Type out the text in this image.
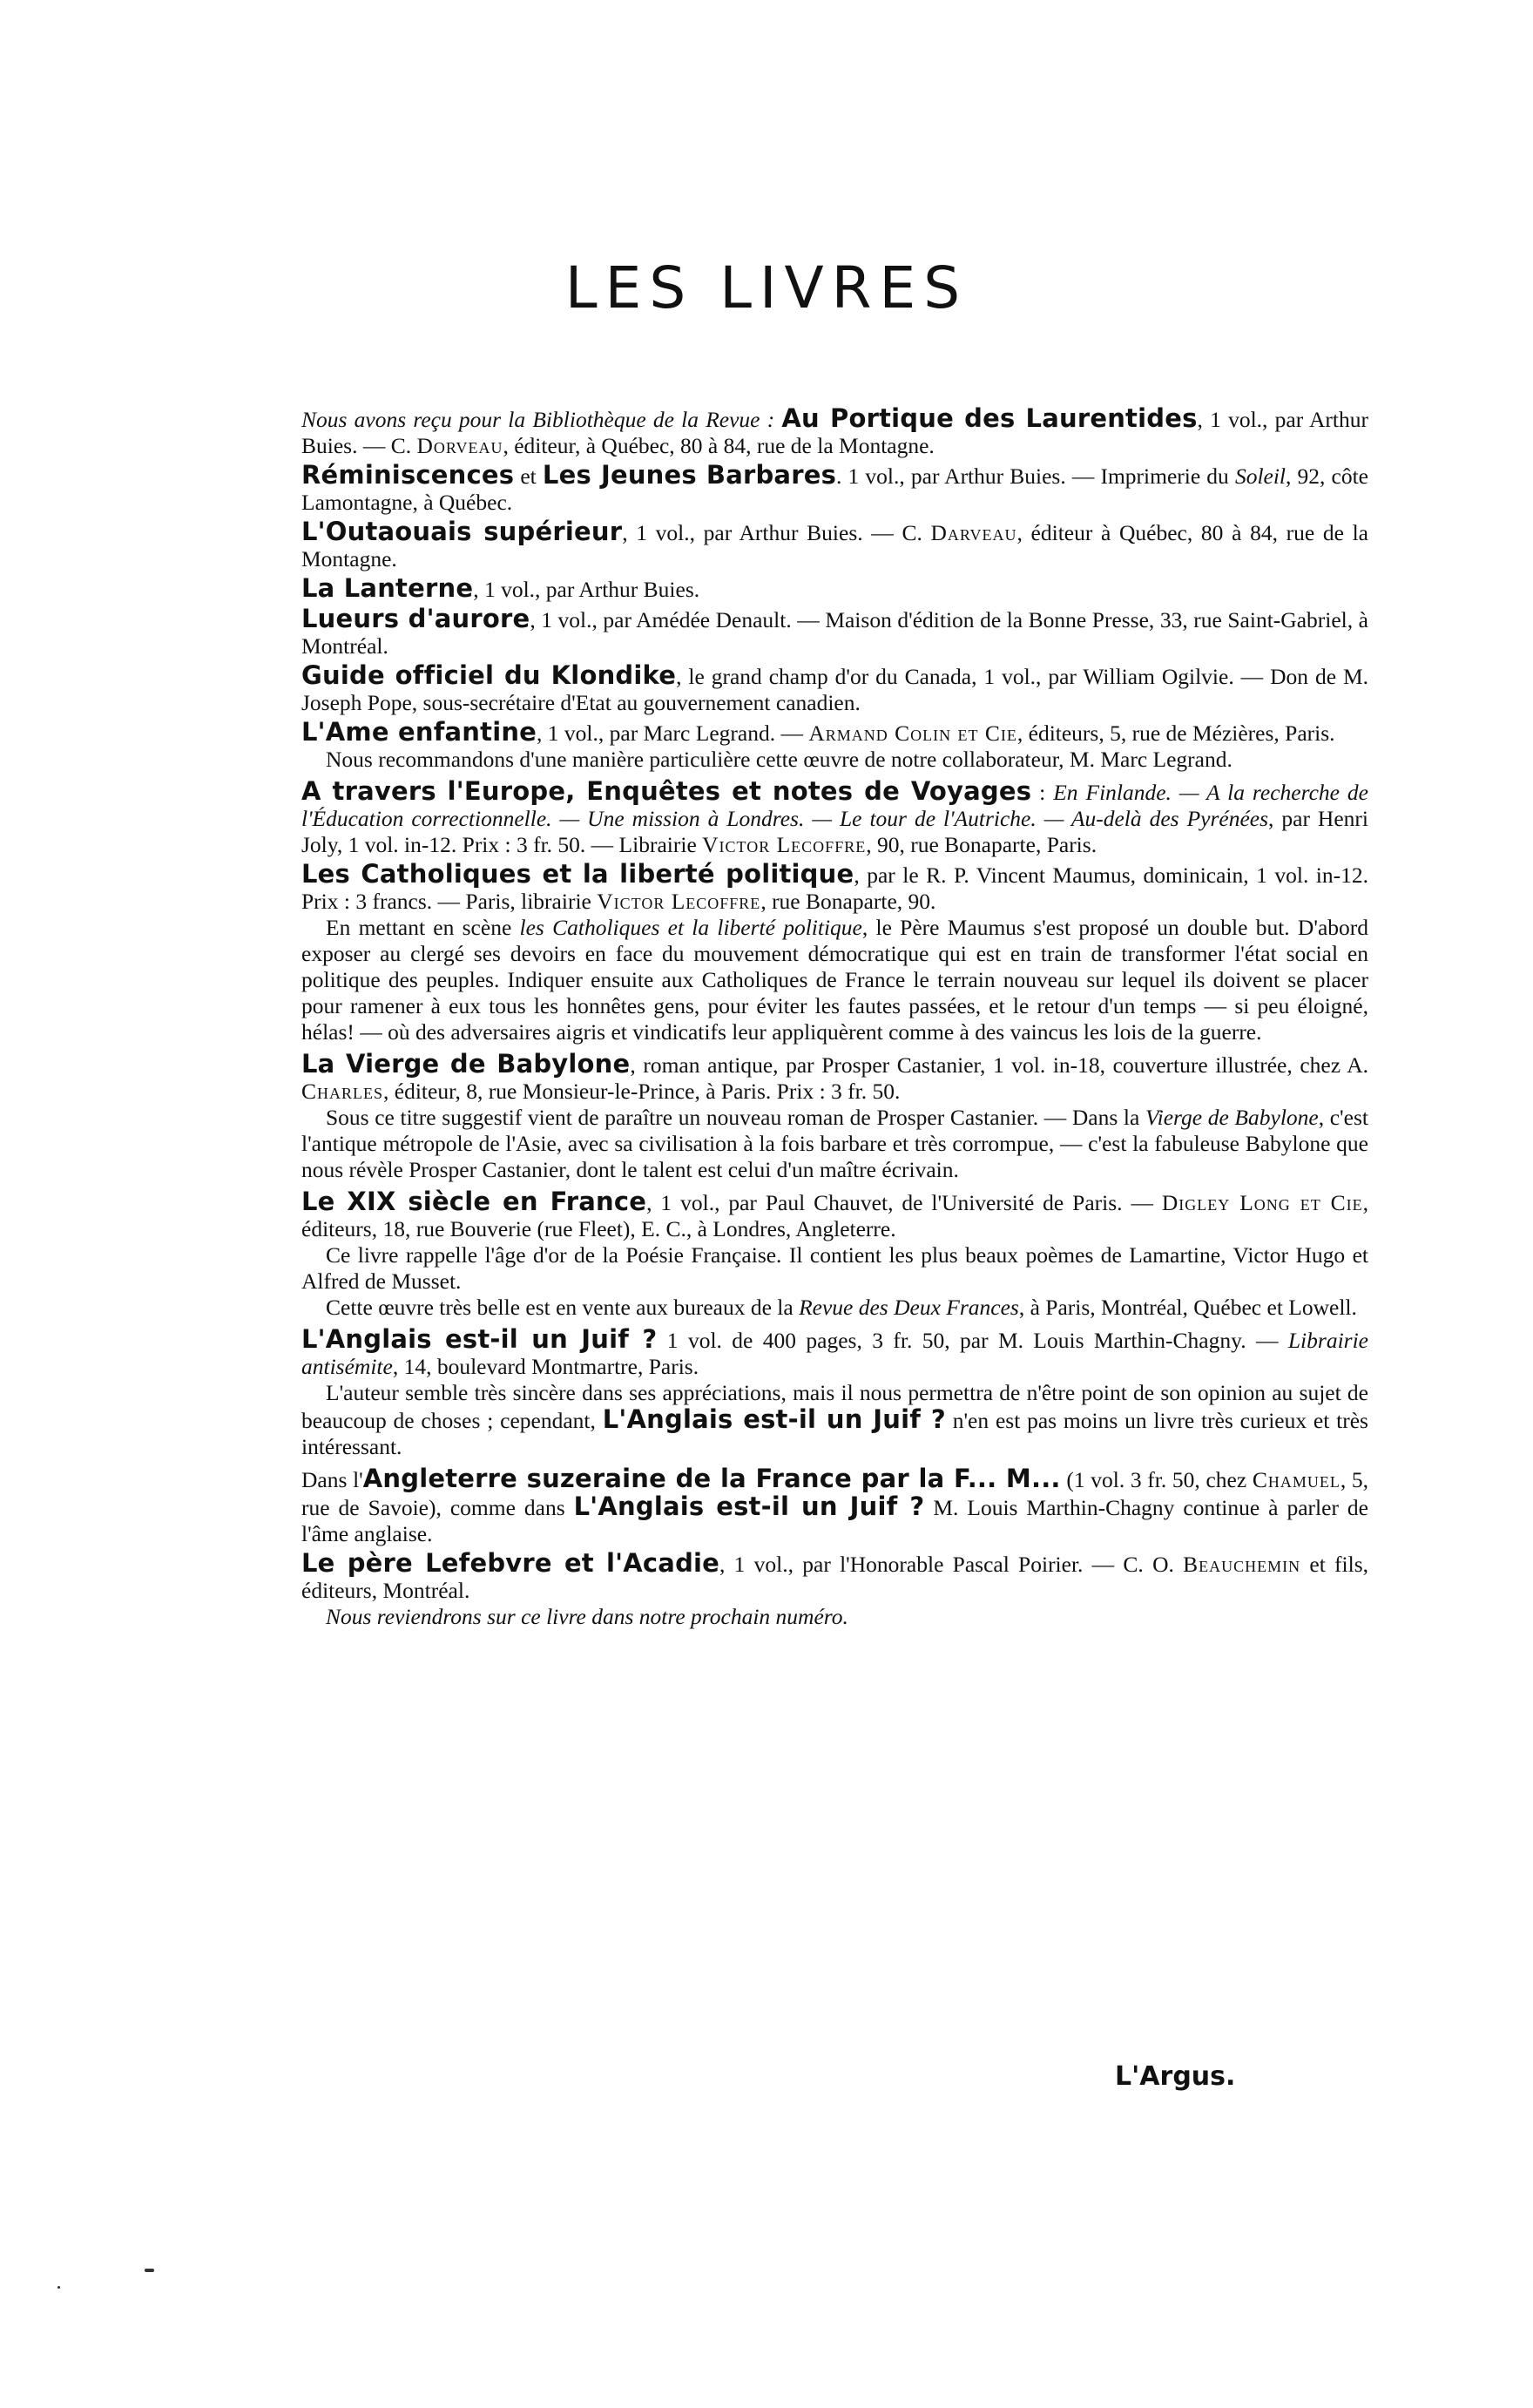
LES LIVRES
Nous avons reçu pour la Bibliothèque de la Revue : Au Portique des Laurentides, 1 vol., par Arthur Buies. — C. Dorveau, éditeur, à Québec, 80 à 84, rue de la Montagne.
Réminiscences et Les Jeunes Barbares. 1 vol., par Arthur Buies. — Imprimerie du Soleil, 92, côte Lamontagne, à Québec.
L'Outaouais supérieur, 1 vol., par Arthur Buies. — C. Darveau, éditeur à Québec, 80 à 84, rue de la Montagne.
La Lanterne, 1 vol., par Arthur Buies.
Lueurs d'aurore, 1 vol., par Amédée Denault. — Maison d'édition de la Bonne Presse, 33, rue Saint-Gabriel, à Montréal.
Guide officiel du Klondike, le grand champ d'or du Canada, 1 vol., par William Ogilvie. — Don de M. Joseph Pope, sous-secrétaire d'Etat au gouvernement canadien.
L'Ame enfantine, 1 vol., par Marc Legrand. — Armand Colin et Cie, éditeurs, 5, rue de Mézières, Paris.

Nous recommandons d'une manière particulière cette œuvre de notre collaborateur, M. Marc Legrand.

A travers l'Europe, Enquêtes et notes de Voyages : En Finlande. — A la recherche de l'Éducation correctionnelle. — Une mission à Londres. — Le tour de l'Autriche. — Au-delà des Pyrénées, par Henri Joly, 1 vol. in-12. Prix : 3 fr. 50. — Librairie Victor Lecoffre, 90, rue Bonaparte, Paris.
Les Catholiques et la liberté politique, par le R. P. Vincent Maumus, dominicain, 1 vol. in-12. Prix : 3 francs. — Paris, librairie Victor Lecoffre, rue Bonaparte, 90.

En mettant en scène les Catholiques et la liberté politique, le Père Maumus s'est proposé un double but. D'abord exposer au clergé ses devoirs en face du mouvement démocratique qui est en train de transformer l'état social en politique des peuples. Indiquer ensuite aux Catholiques de France le terrain nouveau sur lequel ils doivent se placer pour ramener à eux tous les honnêtes gens, pour éviter les fautes passées, et le retour d'un temps — si peu éloigné, hélas! — où des adversaires aigris et vindicatifs leur appliquèrent comme à des vaincus les lois de la guerre.

La Vierge de Babylone, roman antique, par Prosper Castanier, 1 vol. in-18, couverture illustrée, chez A. Charles, éditeur, 8, rue Monsieur-le-Prince, à Paris. Prix : 3 fr. 50.

Sous ce titre suggestif vient de paraître un nouveau roman de Prosper Castanier. — Dans la Vierge de Babylone, c'est l'antique métropole de l'Asie, avec sa civilisation à la fois barbare et très corrompue, — c'est la fabuleuse Babylone que nous révèle Prosper Castanier, dont le talent est celui d'un maître écrivain.

Le XIX siècle en France, 1 vol., par Paul Chauvet, de l'Université de Paris. — Digley Long et Cie, éditeurs, 18, rue Bouverie (rue Fleet), E. C., à Londres, Angleterre.

Ce livre rappelle l'âge d'or de la Poésie Française. Il contient les plus beaux poèmes de Lamartine, Victor Hugo et Alfred de Musset.

Cette œuvre très belle est en vente aux bureaux de la Revue des Deux Frances, à Paris, Montréal, Québec et Lowell.

L'Anglais est-il un Juif ? 1 vol. de 400 pages, 3 fr. 50, par M. Louis Marthin-Chagny. — Librairie antisémite, 14, boulevard Montmartre, Paris.

L'auteur semble très sincère dans ses appréciations, mais il nous permettra de n'être point de son opinion au sujet de beaucoup de choses ; cependant, L'Anglais est-il un Juif ? n'en est pas moins un livre très curieux et très intéressant.

Dans l'Angleterre suzeraine de la France par la F... M... (1 vol. 3 fr. 50, chez Chamuel, 5, rue de Savoie), comme dans L'Anglais est-il un Juif ? M. Louis Marthin-Chagny continue à parler de l'âme anglaise.
Le père Lefebvre et l'Acadie, 1 vol., par l'Honorable Pascal Poirier. — C. O. Beauchemin et fils, éditeurs, Montréal.

Nous reviendrons sur ce livre dans notre prochain numéro.

L'Argus.
